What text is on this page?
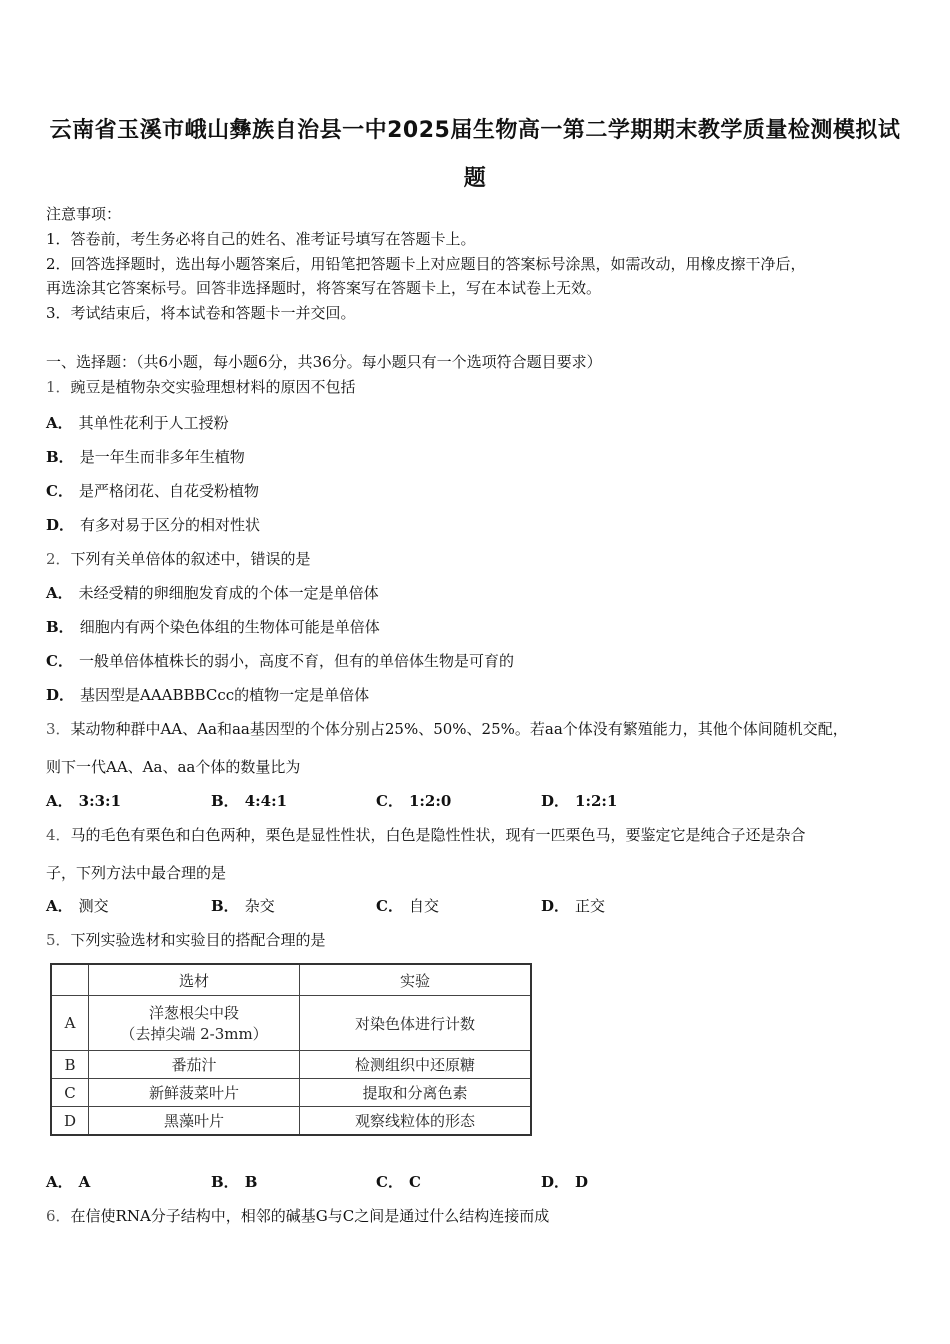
云南省玉溪市峨山彝族自治县一中2025届生物高一第二学期期末教学质量检测模拟试
题
注意事项：
1．答卷前，考生务必将自己的姓名、准考证号填写在答题卡上。
2．回答选择题时，选出每小题答案后，用铅笔把答题卡上对应题目的答案标号涂黑，如需改动，用橡皮擦干净后，
再选涂其它答案标号。回答非选择题时，将答案写在答题卡上，写在本试卷上无效。
3．考试结束后，将本试卷和答题卡一并交回。
一、选择题：（共6小题，每小题6分，共36分。每小题只有一个选项符合题目要求）
1．豌豆是植物杂交实验理想材料的原因不包括
A． 其单性花利于人工授粉
B． 是一年生而非多年生植物
C． 是严格闭花、自花受粉植物
D． 有多对易于区分的相对性状
2．下列有关单倍体的叙述中，错误的是
A． 未经受精的卵细胞发育成的个体一定是单倍体
B． 细胞内有两个染色体组的生物体可能是单倍体
C． 一般单倍体植株长的弱小，高度不育，但有的单倍体生物是可育的
D． 基因型是AAABBBCcc的植物一定是单倍体
3．某动物种群中AA、Aa和aa基因型的个体分别占25%、50%、25%。若aa个体没有繁殖能力，其他个体间随机交配，
则下一代AA、Aa、aa个体的数量比为
A． 3:3:1	B． 4:4:1	C． 1:2:0	D． 1:2:1
4．马的毛色有栗色和白色两种，栗色是显性性状，白色是隐性性状，现有一匹栗色马，要鉴定它是纯合子还是杂合
子，下列方法中最合理的是
A． 测交	B． 杂交	C． 自交	D． 正交
5．下列实验选材和实验目的搭配合理的是
	选材	实验
A	洋葱根尖中段
（去掉尖端 2-3mm）	对染色体进行计数
B	番茄汁	检测组织中还原糖
C	新鲜菠菜叶片	提取和分离色素
D	黑藻叶片	观察线粒体的形态
A． A	B． B	C． C	D． D
6．在信使RNA分子结构中，相邻的碱基G与C之间是通过什么结构连接而成
